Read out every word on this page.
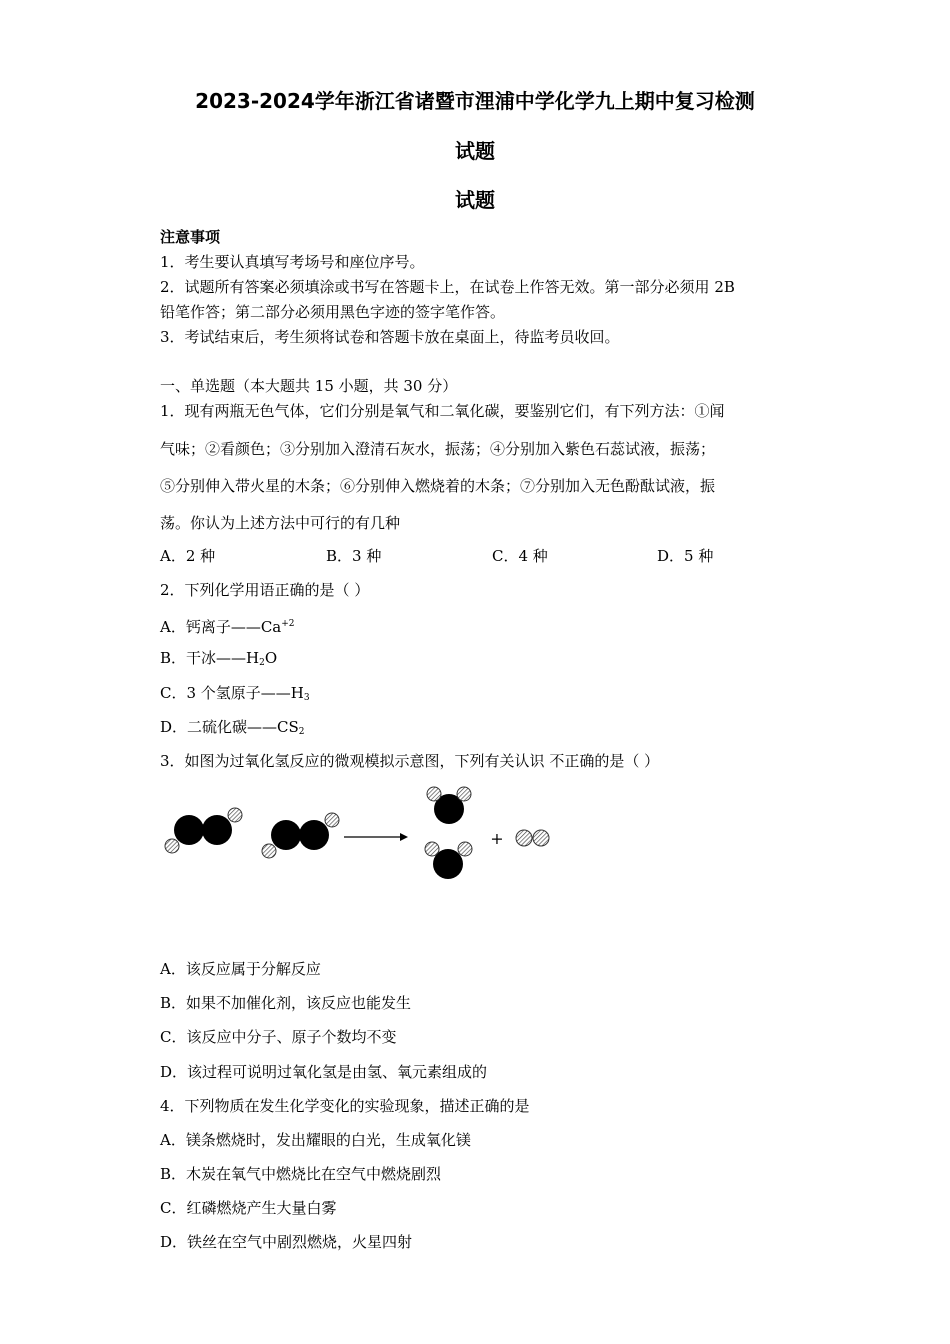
2023-2024学年浙江省诸暨市浬浦中学化学九上期中复习检测
试题
试题
注意事项
1．考生要认真填写考场号和座位序号。
2．试题所有答案必须填涂或书写在答题卡上，在试卷上作答无效。第一部分必须用 2B
铅笔作答；第二部分必须用黑色字迹的签字笔作答。
3．考试结束后，考生须将试卷和答题卡放在桌面上，待监考员收回。
一、单选题（本大题共 15 小题，共 30 分）
1．现有两瓶无色气体，它们分别是氧气和二氧化碳，要鉴别它们，有下列方法：①闻
气味；②看颜色；③分别加入澄清石灰水，振荡；④分别加入紫色石蕊试液，振荡；
⑤分别伸入带火星的木条；⑥分别伸入燃烧着的木条；⑦分别加入无色酚酞试液，振
荡。你认为上述方法中可行的有几种
A．2 种	B．3 种	C．4 种	D．5 种
2．下列化学用语正确的是（ ）
A．钙离子$——Ca^{+2}$
B．干冰$——H_2O$
C．3 个氢原子$——H_3$
D．二硫化碳$——CS_2$
3．如图为过氧化氢反应的微观模拟示意图，下列有关认识 不正确的是（ ）
+
A．该反应属于分解反应
B．如果不加催化剂，该反应也能发生
C．该反应中分子、原子个数均不变
D．该过程可说明过氧化氢是由氢、氧元素组成的
4．下列物质在发生化学变化的实验现象，描述正确的是
A．镁条燃烧时，发出耀眼的白光，生成氧化镁
B．木炭在氧气中燃烧比在空气中燃烧剧烈
C．红磷燃烧产生大量白雾
D．铁丝在空气中剧烈燃烧，火星四射
